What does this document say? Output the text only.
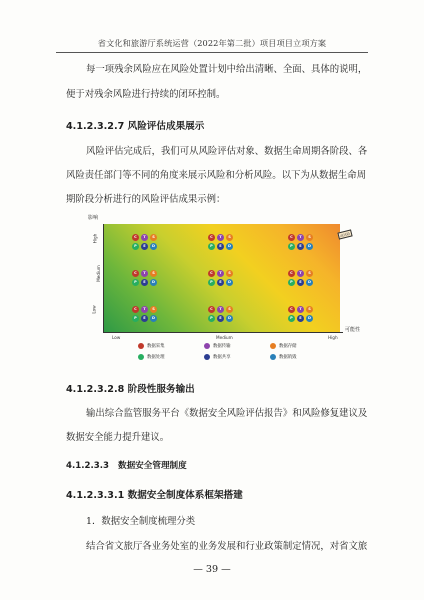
省文化和旅游厅系统运营（2022年第二批）项目项目立项方案
每一项残余风险应在风险处置计划中给出清晰、全面、具体的说明，
便于对残余风险进行持续的闭环控制。
4.1.2.3.2.7 风险评估成果展示
风险评估完成后，我们可从风险评估对象、数据生命周期各阶段、各
风险责任部门等不同的角度来展示风险和分析风险。以下为从数据生命周
期阶段分析进行的风险评估成果示例：
影响
可能性
High
Medium
Low
Low	Medium	High
C	T	S
P	E	D
C	T	S
P	E	D
C	T	S
P	E	D
C	T	S
P	E	D
C	T	S
P	E	D
C	T	S
P	E	D
C	T	S
P	E	D
C	T	S
P	E	D
C	T	S
P	E	D
高风险
数据采集	数据传输	数据存储
数据处理	数据共享	数据销毁
4.1.2.3.2.8 阶段性服务输出
输出综合监管服务平台《数据安全风险评估报告》和风险修复建议及
数据安全能力提升建议。
4.1.2.3.3 数据安全管理制度
4.1.2.3.3.1 数据安全制度体系框架搭建
1．数据安全制度梳理分类
结合省文旅厅各业务处室的业务发展和行业政策制定情况，对省文旅
— 39 —
